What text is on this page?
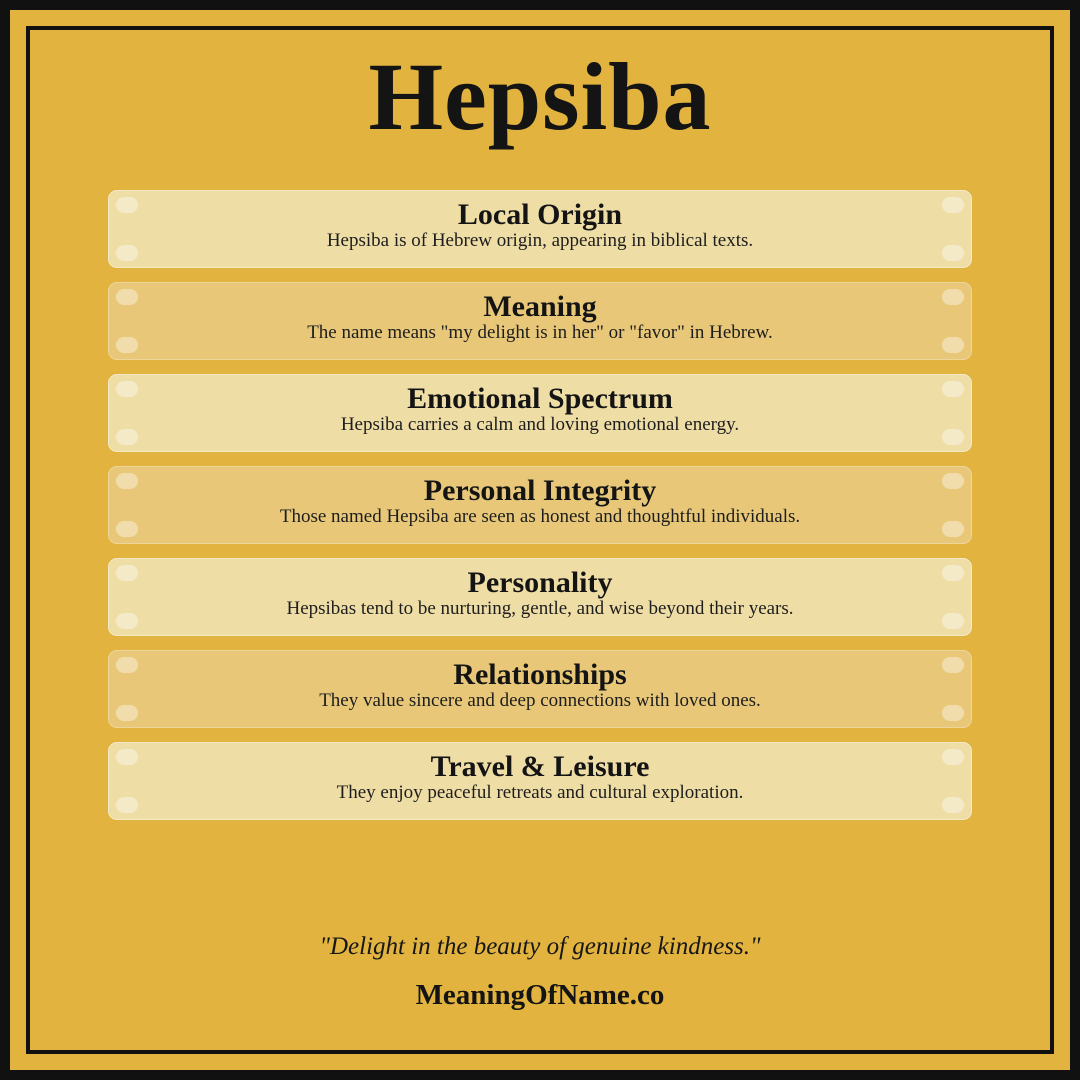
Hepsiba
Local Origin
Hepsiba is of Hebrew origin, appearing in biblical texts.
Meaning
The name means "my delight is in her" or "favor" in Hebrew.
Emotional Spectrum
Hepsiba carries a calm and loving emotional energy.
Personal Integrity
Those named Hepsiba are seen as honest and thoughtful individuals.
Personality
Hepsibas tend to be nurturing, gentle, and wise beyond their years.
Relationships
They value sincere and deep connections with loved ones.
Travel & Leisure
They enjoy peaceful retreats and cultural exploration.
"Delight in the beauty of genuine kindness."
MeaningOfName.co
